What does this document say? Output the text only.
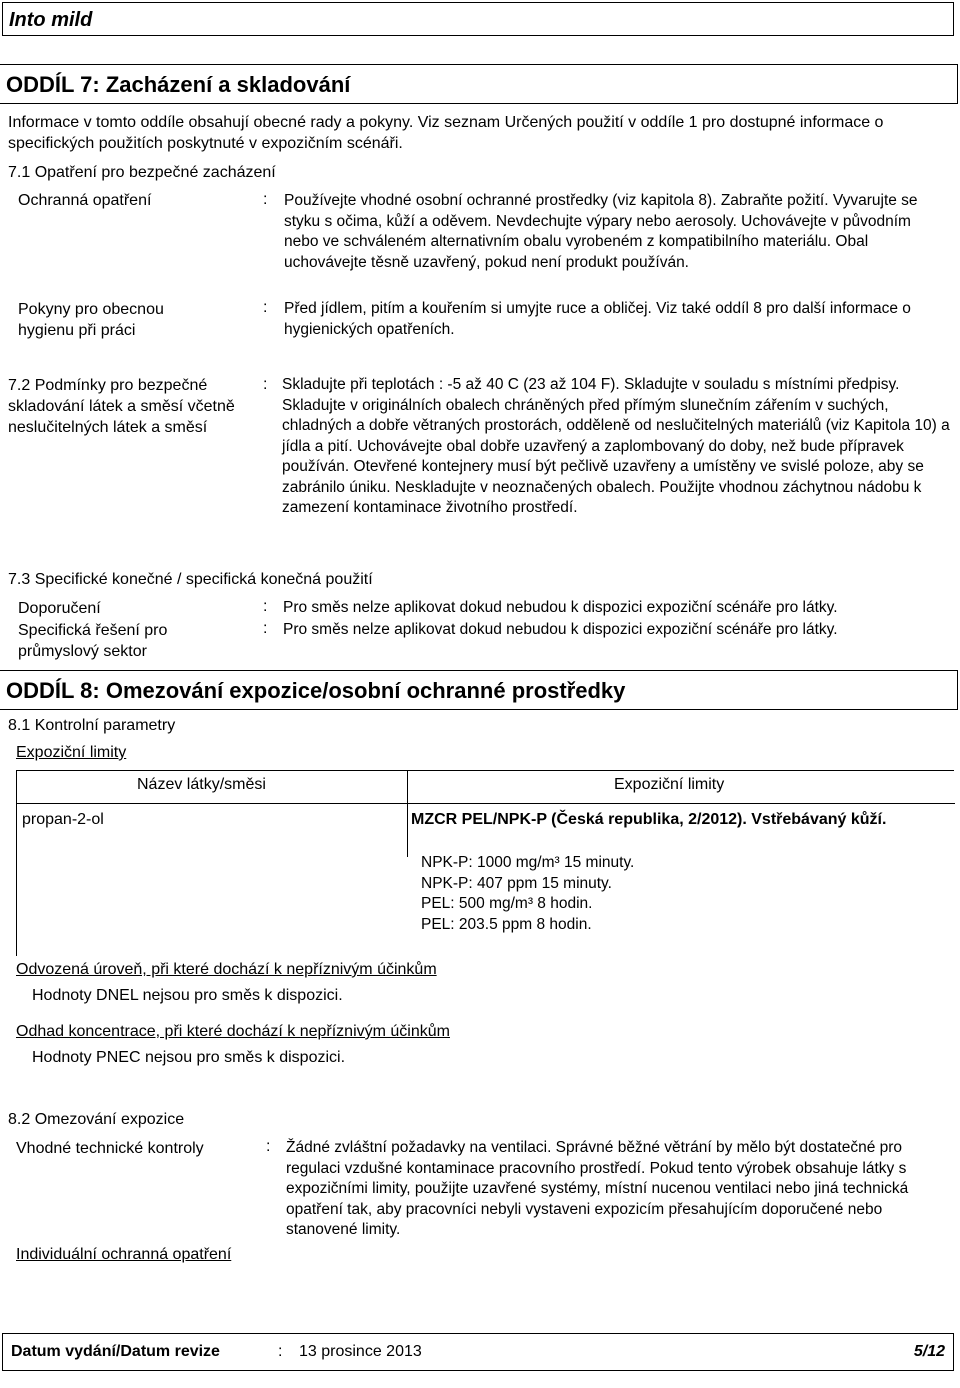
Into mild
ODDÍL 7: Zacházení a skladování
Informace v tomto oddíle obsahují obecné rady a pokyny. Viz seznam Určených použití v oddíle 1 pro dostupné informace o specifických použitích poskytnuté v expozičním scénáři.
7.1 Opatření pro bezpečné zacházení
Ochranná opatření	: Používejte vhodné osobní ochranné prostředky (viz kapitola 8). Zabraňte požití. Vyvarujte se styku s očima, kůží a oděvem. Nevdechujte výpary nebo aerosoly. Uchovávejte v původním nebo ve schváleném alternativním obalu vyrobeném z kompatibilního materiálu. Obal uchovávejte těsně uzavřený, pokud není produkt používán.
Pokyny pro obecnou hygienu při práci
: Před jídlem, pitím a kouřením si umyjte ruce a obličej. Viz také oddíl 8 pro další informace o hygienických opatřeních.
7.2 Podmínky pro bezpečné skladování látek a směsí včetně neslučitelných látek a směsí
: Skladujte při teplotách : -5 až 40 C (23 až 104 F). Skladujte v souladu s místními předpisy. Skladujte v originálních obalech chráněných před přímým slunečním zářením v suchých, chladných a dobře větraných prostorách, odděleně od neslučitelných materiálů (viz Kapitola 10) a jídla a pití. Uchovávejte obal dobře uzavřený a zaplombovaný do doby, než bude přípravek používán. Otevřené kontejnery musí být pečlivě uzavřeny a umístěny ve svislé poloze, aby se zabránilo úniku. Neskladujte v neoznačených obalech. Použijte vhodnou záchytnou nádobu k zamezení kontaminace životního prostředí.
7.3 Specifické konečné / specifická konečná použití
Doporučení	: Pro směs nelze aplikovat dokud nebudou k dispozici expoziční scénáře pro látky.
Specifická řešení pro průmyslový sektor
: Pro směs nelze aplikovat dokud nebudou k dispozici expoziční scénáře pro látky.
ODDÍL 8: Omezování expozice/osobní ochranné prostředky
8.1 Kontrolní parametry
Expoziční limity
Název látky/směsi	Expoziční limity
propan-2-ol	MZCR PEL/NPK-P (Česká republika, 2/2012). Vstřebávaný kůží.
NPK-P: 1000 mg/m³ 15 minuty.
NPK-P: 407 ppm 15 minuty.
PEL: 500 mg/m³ 8 hodin.
PEL: 203.5 ppm 8 hodin.
Odvozená úroveň, při které dochází k nepříznivým účinkům
Hodnoty DNEL nejsou pro směs k dispozici.
Odhad koncentrace, při které dochází k nepříznivým účinkům
Hodnoty PNEC nejsou pro směs k dispozici.
8.2 Omezování expozice
Vhodné technické kontroly	: Žádné zvláštní požadavky na ventilaci. Správné běžné větrání by mělo být dostatečné pro regulaci vzdušné kontaminace pracovního prostředí. Pokud tento výrobek obsahuje látky s expozičními limity, použijte uzavřené systémy, místní nucenou ventilaci nebo jiná technická opatření tak, aby pracovníci nebyli vystaveni expozicím přesahujícím doporučené nebo stanovené limity.
Individuální ochranná opatření
Datum vydání/Datum revize	: 13 prosince 2013	5/12
